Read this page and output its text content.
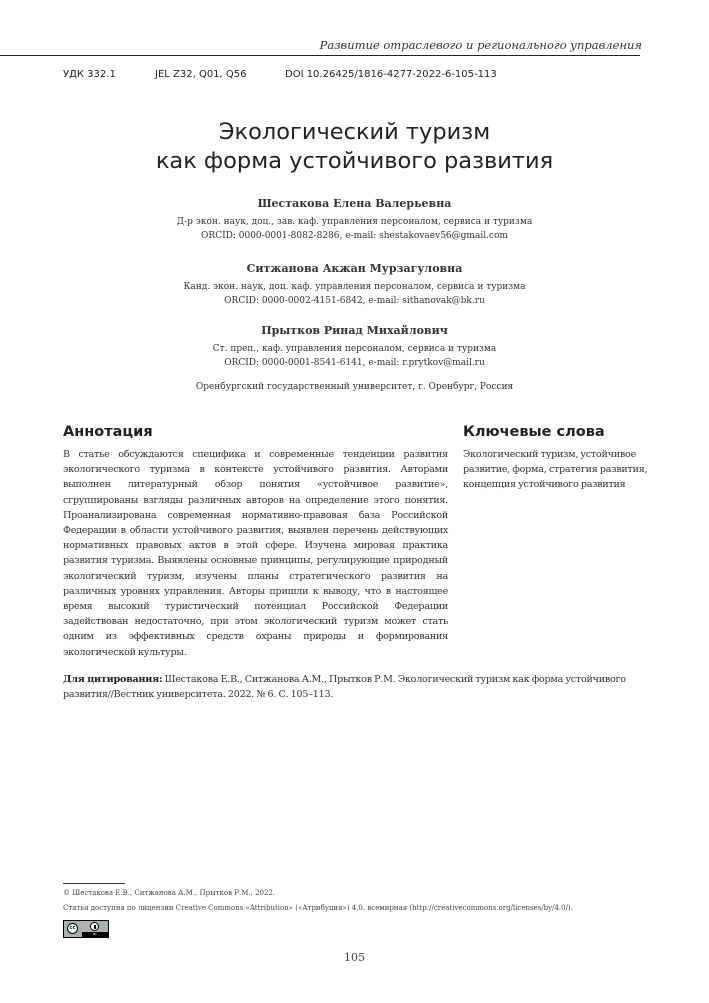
Развитие отраслевого и регионального управления
УДК 332.1	JEL Z32, Q01, Q56	DOI 10.26425/1816-4277-2022-6-105-113
Экологический туризм
как форма устойчивого развития
Шестакова Елена Валерьевна
Д-р экон. наук, доц., зав. каф. управления персоналом, сервиса и туризма
ORCID: 0000-0001-8082-8286, e-mail: shestakovaev56@gmail.com
Ситжанова Акжан Мурзагуловна
Канд. экон. наук, доц. каф. управления персоналом, сервиса и туризма
ORCID: 0000-0002-4151-6842, e-mail: sithanovak@bk.ru
Прытков Ринад Михайлович
Ст. преп., каф. управления персоналом, сервиса и туризма
ORCID: 0000-0001-8541-6141, e-mail: r.prytkov@mail.ru
Оренбургский государственный университет, г. Оренбург, Россия
Аннотация	Ключевые слова
Экологический туризм, устойчивое развитие, форма, стратегия развития, концепция устойчивого развития
В статье обсуждаются специфика и современные тенденции развития экологического туризма в контексте устойчивого развития. Авторами выполнен литературный обзор понятия «устойчивое развитие», сгруппированы взгляды различных авторов на определение этого понятия. Проанализирована современная нормативно-правовая база Российской Федерации в области устойчивого развития, выявлен перечень действующих нормативных правовых актов в этой сфере. Изучена мировая практика развития туризма. Выявлены основные принципы, регулирующие природный экологический туризм, изучены планы стратегического развития на различных уровнях управления. Авторы пришли к выводу, что в настоящее время высокий туристический потенциал Российской Федерации задействован недостаточно, при этом экологический туризм может стать одним из эффективных средств охраны природы и формирования экологической культуры.
Для цитирования: Шестакова Е.В., Ситжанова А.М., Прытков Р.М. Экологический туризм как форма устойчивого развития//Вестник университета. 2022. № 6. С. 105–113.
© Шестакова Е.В., Ситжанова А.М., Прытков Р.М., 2022.
Статья доступна по лицензии Creative Commons «Attribution» («Атрибуция») 4.0. всемирная (http://creativecommons.org/licenses/by/4.0/).
cc
BY
105
